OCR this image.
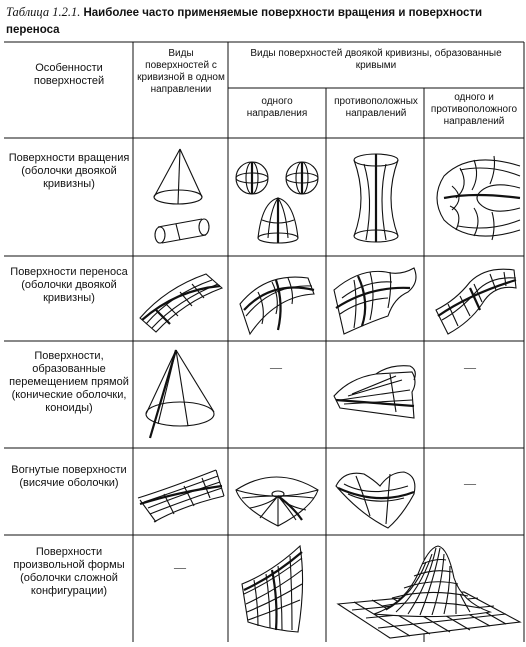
Таблица 1.2.1. Наиболее часто применяемые поверхности вращения и поверхности переноса
Особенности поверхностей
Виды поверхностей с кривизной в одном направлении
Виды поверхностей двоякой кривизны, образованные кривыми
одного направления
противоположных направлений
одного и противоположного направлений
Поверхности вращения (оболочки двоякой кривизны)
Поверхности переноса (оболочки двоякой кривизны)
Поверхности, образованные перемещением прямой (конические оболочки, коноиды)
Вогнутые поверхности (висячие оболочки)
Поверхности произвольной формы (оболочки сложной конфигурации)
—	—
—
—
